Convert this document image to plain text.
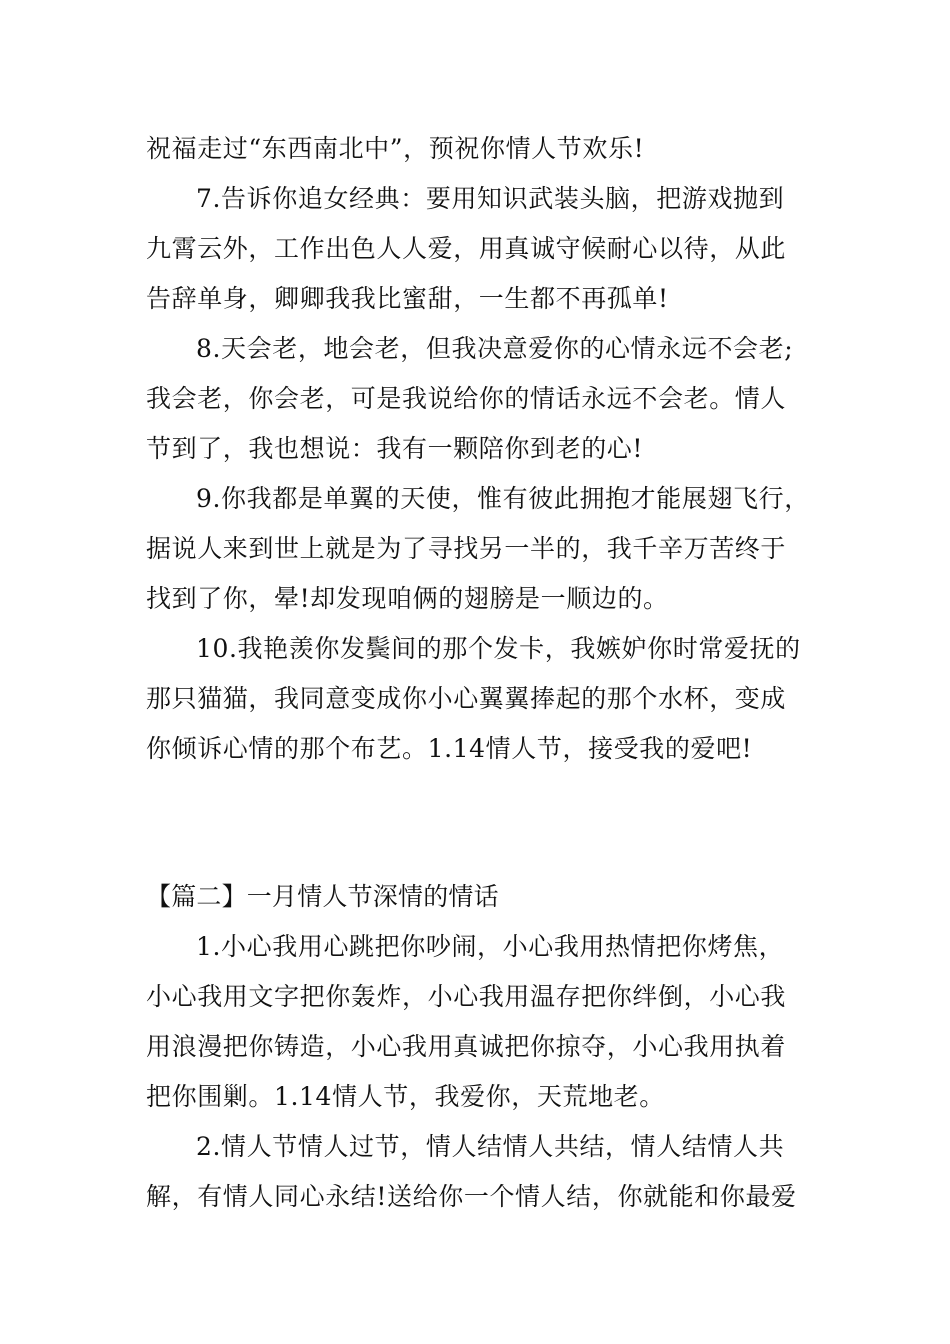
祝福走过“东西南北中”，预祝你情人节欢乐!
7.告诉你追女经典：要用知识武装头脑，把游戏抛到
九霄云外，工作出色人人爱，用真诚守候耐心以待，从此
告辞单身，卿卿我我比蜜甜，一生都不再孤单!
8.天会老，地会老，但我决意爱你的心情永远不会老;
我会老，你会老，可是我说给你的情话永远不会老。情人
节到了，我也想说：我有一颗陪你到老的心!
9.你我都是单翼的天使，惟有彼此拥抱才能展翅飞行，
据说人来到世上就是为了寻找另一半的，我千辛万苦终于
找到了你，晕!却发现咱俩的翅膀是一顺边的。
10.我艳羡你发鬓间的那个发卡，我嫉妒你时常爱抚的
那只猫猫，我同意变成你小心翼翼捧起的那个水杯，变成
你倾诉心情的那个布艺。1.14情人节，接受我的爱吧!
【篇二】一月情人节深情的情话
1.小心我用心跳把你吵闹，小心我用热情把你烤焦，
小心我用文字把你轰炸，小心我用温存把你绊倒，小心我
用浪漫把你铸造，小心我用真诚把你掠夺，小心我用执着
把你围剿。1.14情人节，我爱你，天荒地老。
2.情人节情人过节，情人结情人共结，情人结情人共
解，有情人同心永结!送给你一个情人结，你就能和你最爱
